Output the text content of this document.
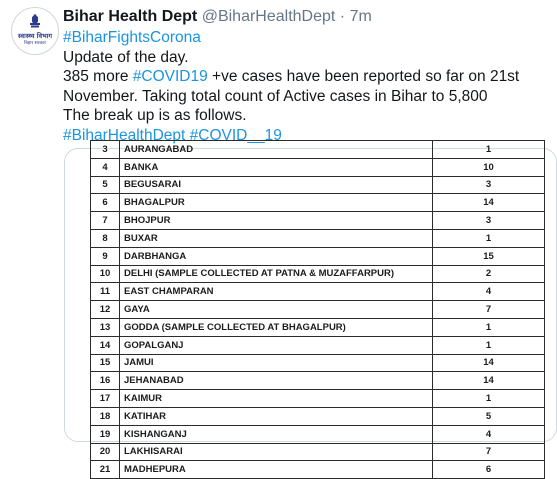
स्वास्थ्य विभाग
बिहार सरकार
Bihar Health Dept @BiharHealthDept · 7m

#BiharFightsCorona

Update of the day.

385 more #COVID19 +ve cases have been reported so far on 21st November. Taking total count of Active cases in Bihar to 5,800

The break up is as follows.

#BiharHealthDept #COVID__19

3	AURANGABAD	1
4	BANKA	10
5	BEGUSARAI	3
6	BHAGALPUR	14
7	BHOJPUR	3
8	BUXAR	1
9	DARBHANGA	15
10	DELHI (SAMPLE COLLECTED AT PATNA & MUZAFFARPUR)	2
11	EAST CHAMPARAN	4
12	GAYA	7
13	GODDA (SAMPLE COLLECTED AT BHAGALPUR)	1
14	GOPALGANJ	1
15	JAMUI	14
16	JEHANABAD	14
17	KAIMUR	1
18	KATIHAR	5
19	KISHANGANJ	4
20	LAKHISARAI	7
21	MADHEPURA	6
